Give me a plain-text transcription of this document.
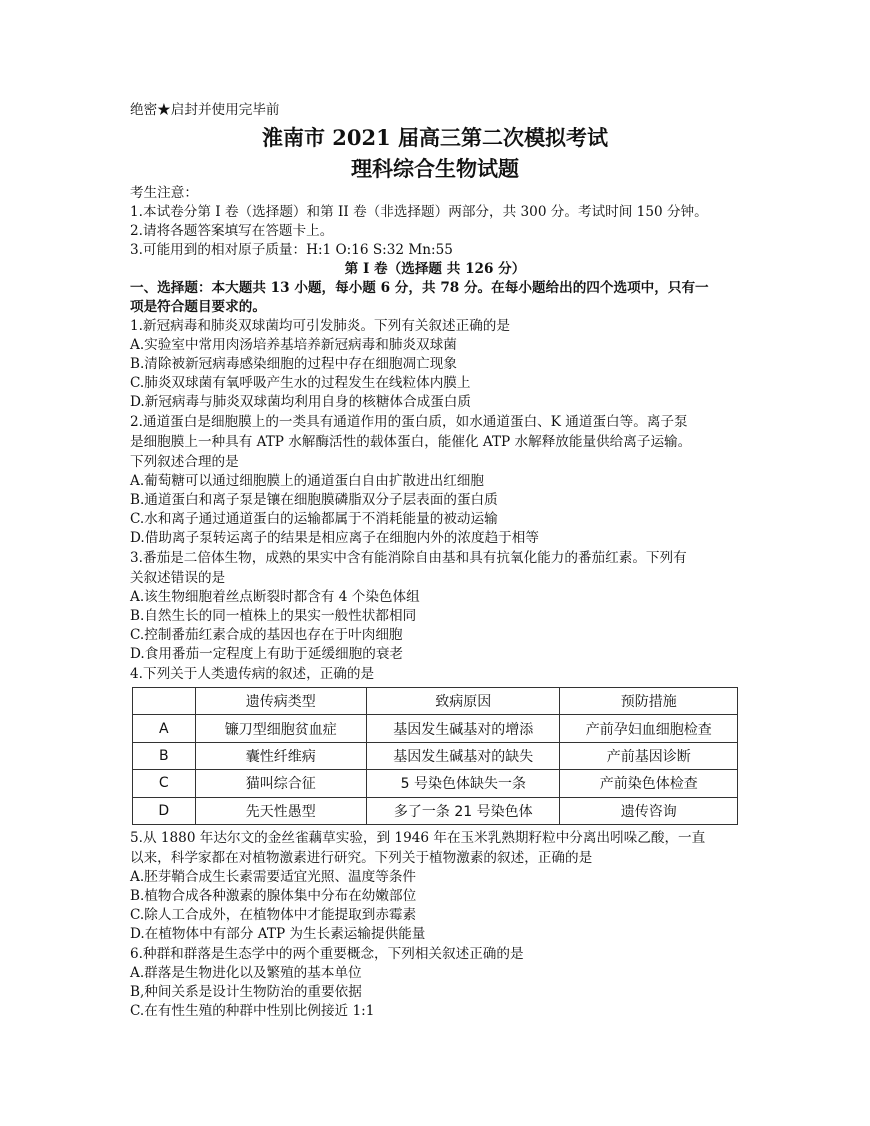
绝密★启封并使用完毕前
淮南市 2021 届高三第二次模拟考试
理科综合生物试题
考生注意：
1.本试卷分第 I 卷（选择题）和第 II 卷（非选择题）两部分，共 300 分。考试时间 150 分钟。
2.请将各题答案填写在答题卡上。
3.可能用到的相对原子质量：H:1 O:16 S:32 Mn:55
第 I 卷（选择题 共 126 分）
一、选择题：本大题共 13 小题，每小题 6 分，共 78 分。在每小题给出的四个选项中，只有一
项是符合题目要求的。
1.新冠病毒和肺炎双球菌均可引发肺炎。下列有关叙述正确的是
A.实验室中常用肉汤培养基培养新冠病毒和肺炎双球菌
B.清除被新冠病毒感染细胞的过程中存在细胞凋亡现象
C.肺炎双球菌有氧呼吸产生水的过程发生在线粒体内膜上
D.新冠病毒与肺炎双球菌均利用自身的核糖体合成蛋白质
2.通道蛋白是细胞膜上的一类具有通道作用的蛋白质，如水通道蛋白、K 通道蛋白等。离子泵
是细胞膜上一种具有 ATP 水解酶活性的载体蛋白，能催化 ATP 水解释放能量供给离子运输。
下列叙述合理的是
A.葡萄糖可以通过细胞膜上的通道蛋白自由扩散进出红细胞
B.通道蛋白和离子泵是镶在细胞膜磷脂双分子层表面的蛋白质
C.水和离子通过通道蛋白的运输都属于不消耗能量的被动运输
D.借助离子泵转运离子的结果是相应离子在细胞内外的浓度趋于相等
3.番茄是二倍体生物，成熟的果实中含有能消除自由基和具有抗氧化能力的番茄红素。下列有
关叙述错误的是
A.该生物细胞着丝点断裂时都含有 4 个染色体组
B.自然生长的同一植株上的果实一般性状都相同
C.控制番茄红素合成的基因也存在于叶肉细胞
D.食用番茄一定程度上有助于延缓细胞的衰老
4.下列关于人类遗传病的叙述，正确的是
	遗传病类型	致病原因	预防措施
A	镰刀型细胞贫血症	基因发生碱基对的增添	产前孕妇血细胞检查
B	囊性纤维病	基因发生碱基对的缺失	产前基因诊断
C	猫叫综合征	5 号染色体缺失一条	产前染色体检查
D	先天性愚型	多了一条 21 号染色体	遗传咨询
5.从 1880 年达尔文的金丝雀藕草实验，到 1946 年在玉米乳熟期籽粒中分离出吲哚乙酸，一直
以来，科学家都在对植物激素进行研究。下列关于植物激素的叙述，正确的是
A.胚芽鞘合成生长素需要适宜光照、温度等条件
B.植物合成各种激素的腺体集中分布在幼嫩部位
C.除人工合成外，在植物体中才能提取到赤霉素
D.在植物体中有部分 ATP 为生长素运输提供能量
6.种群和群落是生态学中的两个重要概念，下列相关叙述正确的是
A.群落是生物进化以及繁殖的基本单位
B,种间关系是设计生物防治的重要依据
C.在有性生殖的种群中性别比例接近 1:1
